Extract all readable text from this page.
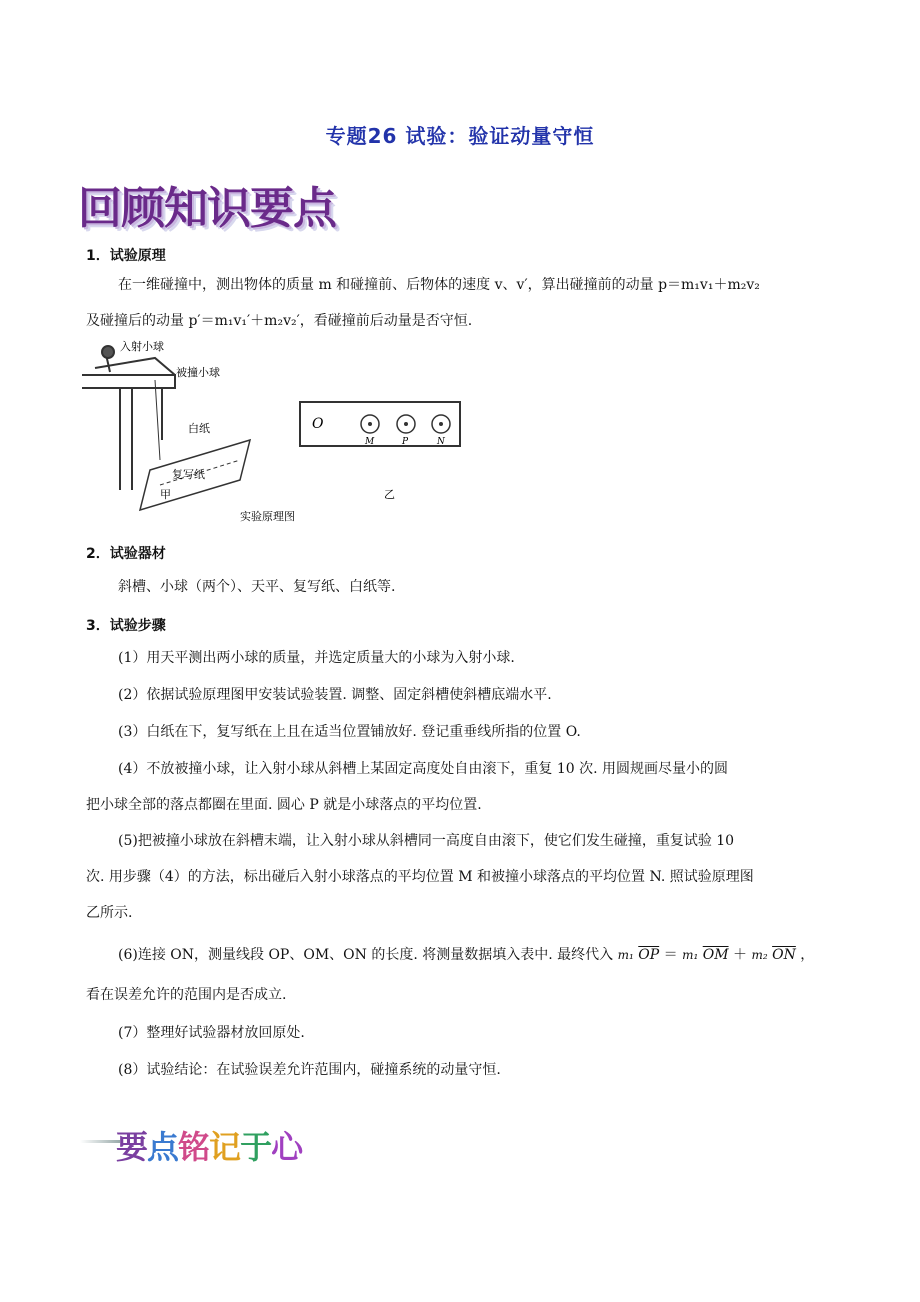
专题26 试验：验证动量守恒
回顾知识要点
1．试验原理
在一维碰撞中，测出物体的质量 m 和碰撞前、后物体的速度 v、v′，算出碰撞前的动量 p＝m₁v₁＋m₂v₂
及碰撞后的动量 p′＝m₁v₁′＋m₂v₂′，看碰撞前后动量是否守恒.
入射小球
被撞小球
白纸
复写纸
甲	乙
实验原理图
O
M	P	N
2．试验器材
斜槽、小球（两个）、天平、复写纸、白纸等.
3．试验步骤
(1）用天平测出两小球的质量，并选定质量大的小球为入射小球.
(2）依据试验原理图甲安装试验装置. 调整、固定斜槽使斜槽底端水平.
(3）白纸在下，复写纸在上且在适当位置铺放好. 登记重垂线所指的位置 O.
(4）不放被撞小球，让入射小球从斜槽上某固定高度处自由滚下，重复 10 次. 用圆规画尽量小的圆
把小球全部的落点都圈在里面. 圆心 P 就是小球落点的平均位置.
(5)把被撞小球放在斜槽末端，让入射小球从斜槽同一高度自由滚下，使它们发生碰撞，重复试验 10
次. 用步骤（4）的方法，标出碰后入射小球落点的平均位置 M 和被撞小球落点的平均位置 N. 照试验原理图
乙所示.
(6)连接 ON，测量线段 OP、OM、ON 的长度. 将测量数据填入表中. 最终代入 m₁ $\overline{OP} = m_1$ $\overline{OM} + m_2$ $\overline{ON}$ ，
看在误差允许的范围内是否成立.
(7）整理好试验器材放回原处.
(8）试验结论：在试验误差允许范围内，碰撞系统的动量守恒.
要点铭记于心
